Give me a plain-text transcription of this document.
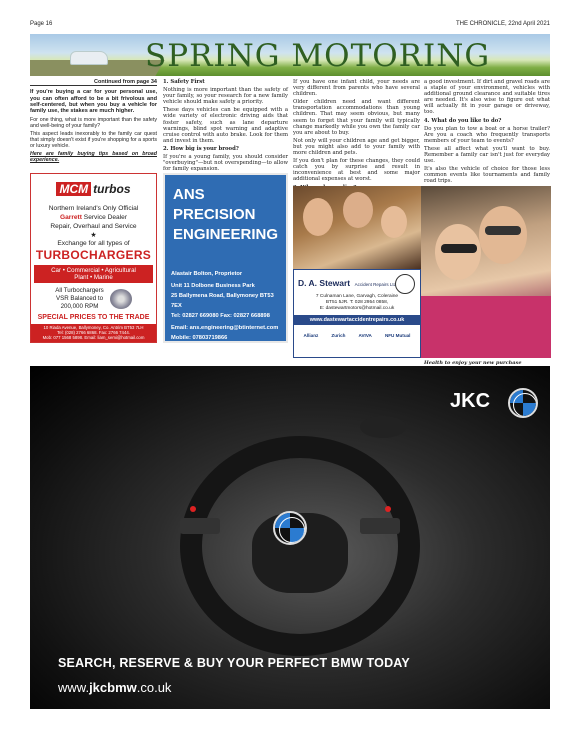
Page 16	THE CHRONICLE, 22nd April 2021
SPRING MOTORING
Continued from page 34

If you're buying a car for your personal use, you can often afford to be a bit frivolous and self-centered, but when you buy a vehicle for family use, the stakes are much higher.

For one thing, what is more important than the safety and well-being of your family?

This aspect leads inexorably to the family car quest that simply doesn't exist if you're shopping for a sports or luxury vehicle.

Here are family buying tips based on broad experience.

1. Safety First

Nothing is more important than the safety of your family, so your research for a new family vehicle should make safety a priority.

These days vehicles can be equipped with a wide variety of electronic driving aids that foster safety, such as lane departure warnings, blind spot warning and adaptive cruise control with auto brake. Look for them and invest in them.

2. How big is your brood?

If you're a young family, you should consider "overbuying"—but not overspending—to allow for family expansion.

If you have one infant child, your needs are very different from parents who have several children.

Older children need and want different transportation accommodations than young children. That may seem obvious, but many seem to forget that your family will typically change markedly while you own the family car you are about to buy.

Not only will your children age and get bigger, but you might also add to your family with more children and pets.

If you don't plan for these changes, they could catch you by surprise and result in inconvenience at best and some major additional expenses at worst.

a good investment. If dirt and gravel roads are a staple of your environment, vehicles with additional ground clearance and suitable tires are needed. It's also wise to figure out what will actually fit in your garage or driveway, too.

4. What do you like to do?

Do you plan to tow a boat or a horse trailer? Are you a coach who frequently transports members of your team to events?

These all affect what you'll want to buy. Remember a family car isn't just for everyday use.

It's also the vehicle of choice for those less common events like tournaments and family road trips.

MCM turbos
Northern Ireland's Only Official
Garrett Service Dealer
Repair, Overhaul and Service
★
Exchange for all types of
TURBOCHARGERS
Car • Commercial • Agricultural
Plant • Marine
All Turbochargers
VSR Balanced to
200,000 RPM
SPECIAL PRICES TO THE TRADE
10 Riada Avenue, Ballymoney, Co. Antrim BT53 7LH
Tel: (028) 2766 6868. Fax: 2766 7444.
Mob: 077 1568 5898. Email: liam_semi@hotmail.com
ANS PRECISION
ENGINEERING
Alastair Bolton, Proprietor
Unit 11 Dolbone Business Park
25 Ballymena Road, Ballymoney BT53 7EX
Tel: 02827 669080 Fax: 02827 668898
Email: ans.engineering@btinternet.com
Mobile: 07803719866
D. A. Stewart Accident Repairs Ltd
7 Culnaman Lane, Garvagh, Coleraine
BT51 5JR. T: 028 2954 0858,
E: dastewartmotors@hotmail.co.uk
www.dastewartaccidentrepairs.co.uk
Allianz	Zurich	AVIVA	NFU Mutual
Health to enjoy your new purchase
JKC
SEARCH, RESERVE & BUY YOUR PERFECT BMW TODAY
www.jkcbmw.co.uk
